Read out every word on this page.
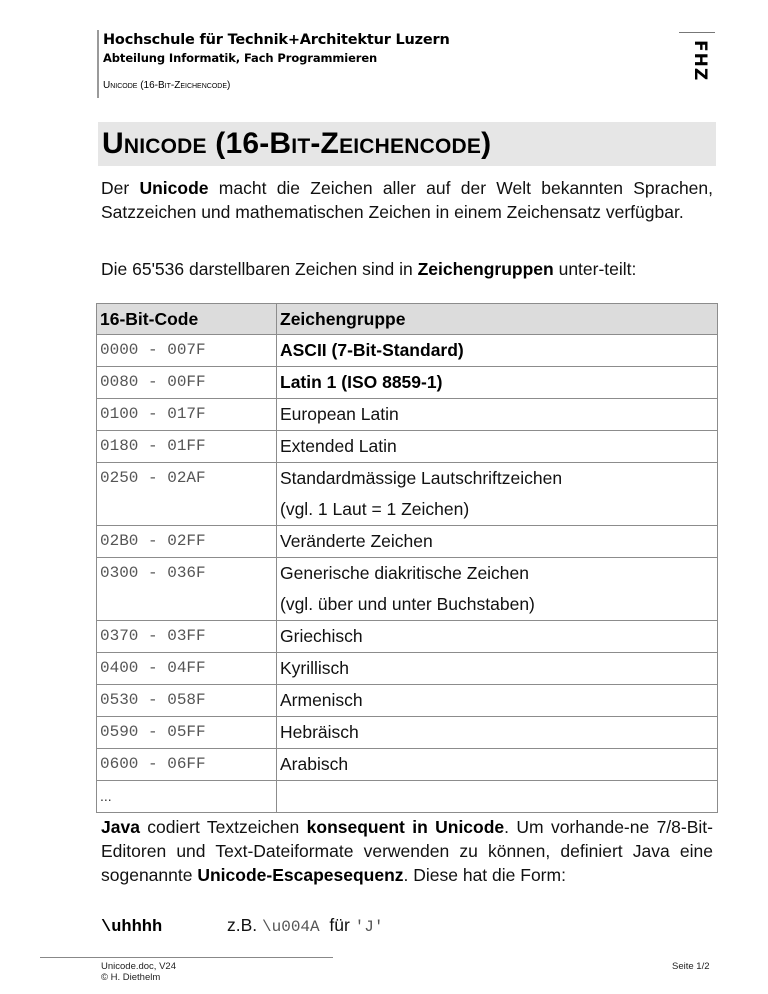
Hochschule für Technik+Architektur Luzern
Abteilung Informatik, Fach Programmieren
Unicode (16-Bit-Zeichencode)
FHZ
Unicode (16-Bit-Zeichencode)
Der Unicode macht die Zeichen aller auf der Welt bekannten Sprachen, Satzzeichen und mathematischen Zeichen in einem Zeichensatz verfügbar.
Die 65'536 darstellbaren Zeichen sind in Zeichengruppen unter-teilt:
16-Bit-Code	Zeichengruppe
0000 - 007F	ASCII (7-Bit-Standard)
0080 - 00FF	Latin 1 (ISO 8859-1)
0100 - 017F	European Latin
0180 - 01FF	Extended Latin
0250 - 02AF	Standardmässige Lautschriftzeichen
(vgl. 1 Laut = 1 Zeichen)

02B0 - 02FF	Veränderte Zeichen
0300 - 036F	Generische diakritische Zeichen
(vgl. über und unter Buchstaben)

0370 - 03FF	Griechisch
0400 - 04FF	Kyrillisch
0530 - 058F	Armenisch
0590 - 05FF	Hebräisch
0600 - 06FF	Arabisch
...	
Java codiert Textzeichen konsequent in Unicode. Um vorhande-ne 7/8-Bit-Editoren und Text-Dateiformate verwenden zu können, definiert Java eine sogenannte Unicode-Escapesequenz. Diese hat die Form:
\uhhhh	z.B. \u004A  für 'J'
Unicode.doc, V24
© H. Diethelm
Seite 1/2
